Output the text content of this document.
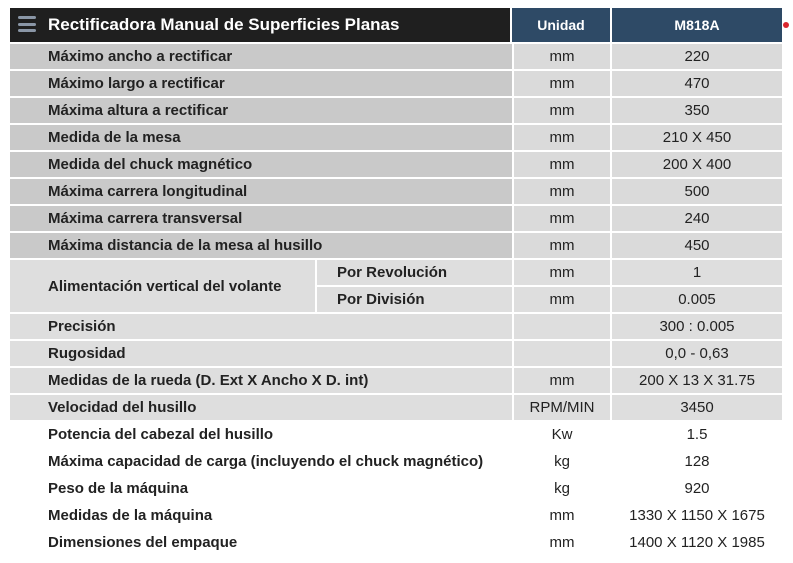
Rectificadora Manual de Superficies Planas		Unidad	M818A
Máximo ancho a rectificar		mm	220
Máximo largo a rectificar		mm	470
Máxima altura a rectificar		mm	350
Medida de la mesa		mm	210 X 450
Medida del chuck magnético		mm	200 X 400
Máxima carrera longitudinal		mm	500
Máxima carrera transversal		mm	240
Máxima distancia de la mesa al husillo		mm	450
Alimentación vertical del volante	Por Revolución	mm	1
	Por División	mm	0.005
Precisión			300 : 0.005
Rugosidad			0,0 - 0,63
Medidas de la rueda (D. Ext X Ancho X D. int)		mm	200 X 13 X 31.75
Velocidad del husillo		RPM/MIN	3450
Potencia del cabezal del husillo		Kw	1.5
Máxima capacidad de carga (incluyendo el chuck magnético)		kg	128
Peso de la máquina		kg	920
Medidas de la máquina		mm	1330 X 1150 X 1675
Dimensiones del empaque		mm	1400 X 1120 X 1985
